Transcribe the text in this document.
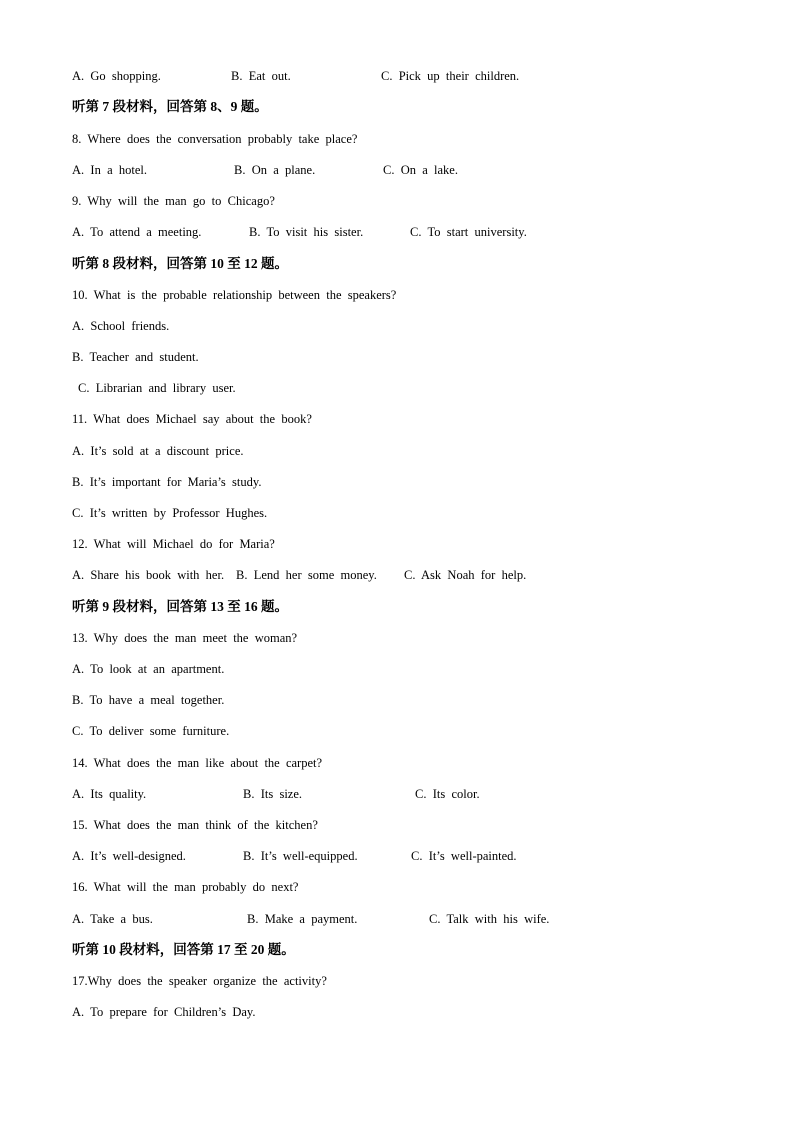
A.  Go  shopping.

	B.  Eat  out.

	C.  Pick  up  their  children.

听第 7 段材料，回答第 8、9 题。
8.  Where  does  the  conversation  probably  take  place?

A.  In  a  hotel.

	B.  On  a  plane.

	C.  On  a  lake.

9.  Why  will  the  man  go  to  Chicago?

A.  To  attend  a  meeting.

	B.  To  visit  his  sister.

	C.  To  start  university.

听第 8 段材料，回答第 10 至 12 题。
10.  What  is  the  probable  relationship  between  the  speakers?
A.  School  friends.
B.  Teacher  and  student.
C.  Librarian  and  library  user.
11.  What  does  Michael  say  about  the  book?
A.  It’s  sold  at  a  discount  price.
B.  It’s  important  for  Maria’s  study.
C.  It’s  written  by  Professor  Hughes.
12.  What  will  Michael  do  for  Maria?

A.  Share  his  book  with  her.

B.  Lend  her  some  money.

C.  Ask  Noah  for  help.

听第 9 段材料，回答第 13 至 16 题。
13.  Why  does  the  man  meet  the  woman?
A.  To  look  at  an  apartment.
B.  To  have  a  meal  together.
C.  To  deliver  some  furniture.
14.  What  does  the  man  like  about  the  carpet?

A.  Its  quality.

	B.  Its  size.

	C.  Its  color.

15.  What  does  the  man  think  of  the  kitchen?

A.  It’s  well-designed.

	B.  It’s  well-equipped.

	C.  It’s  well-painted.

16.  What  will  the  man  probably  do  next?

A.  Take  a  bus.

	B.  Make  a  payment.

	C.  Talk  with  his  wife.

听第 10 段材料，回答第 17 至 20 题。
17.Why  does  the  speaker  organize  the  activity?
A.  To  prepare  for  Children’s  Day.
